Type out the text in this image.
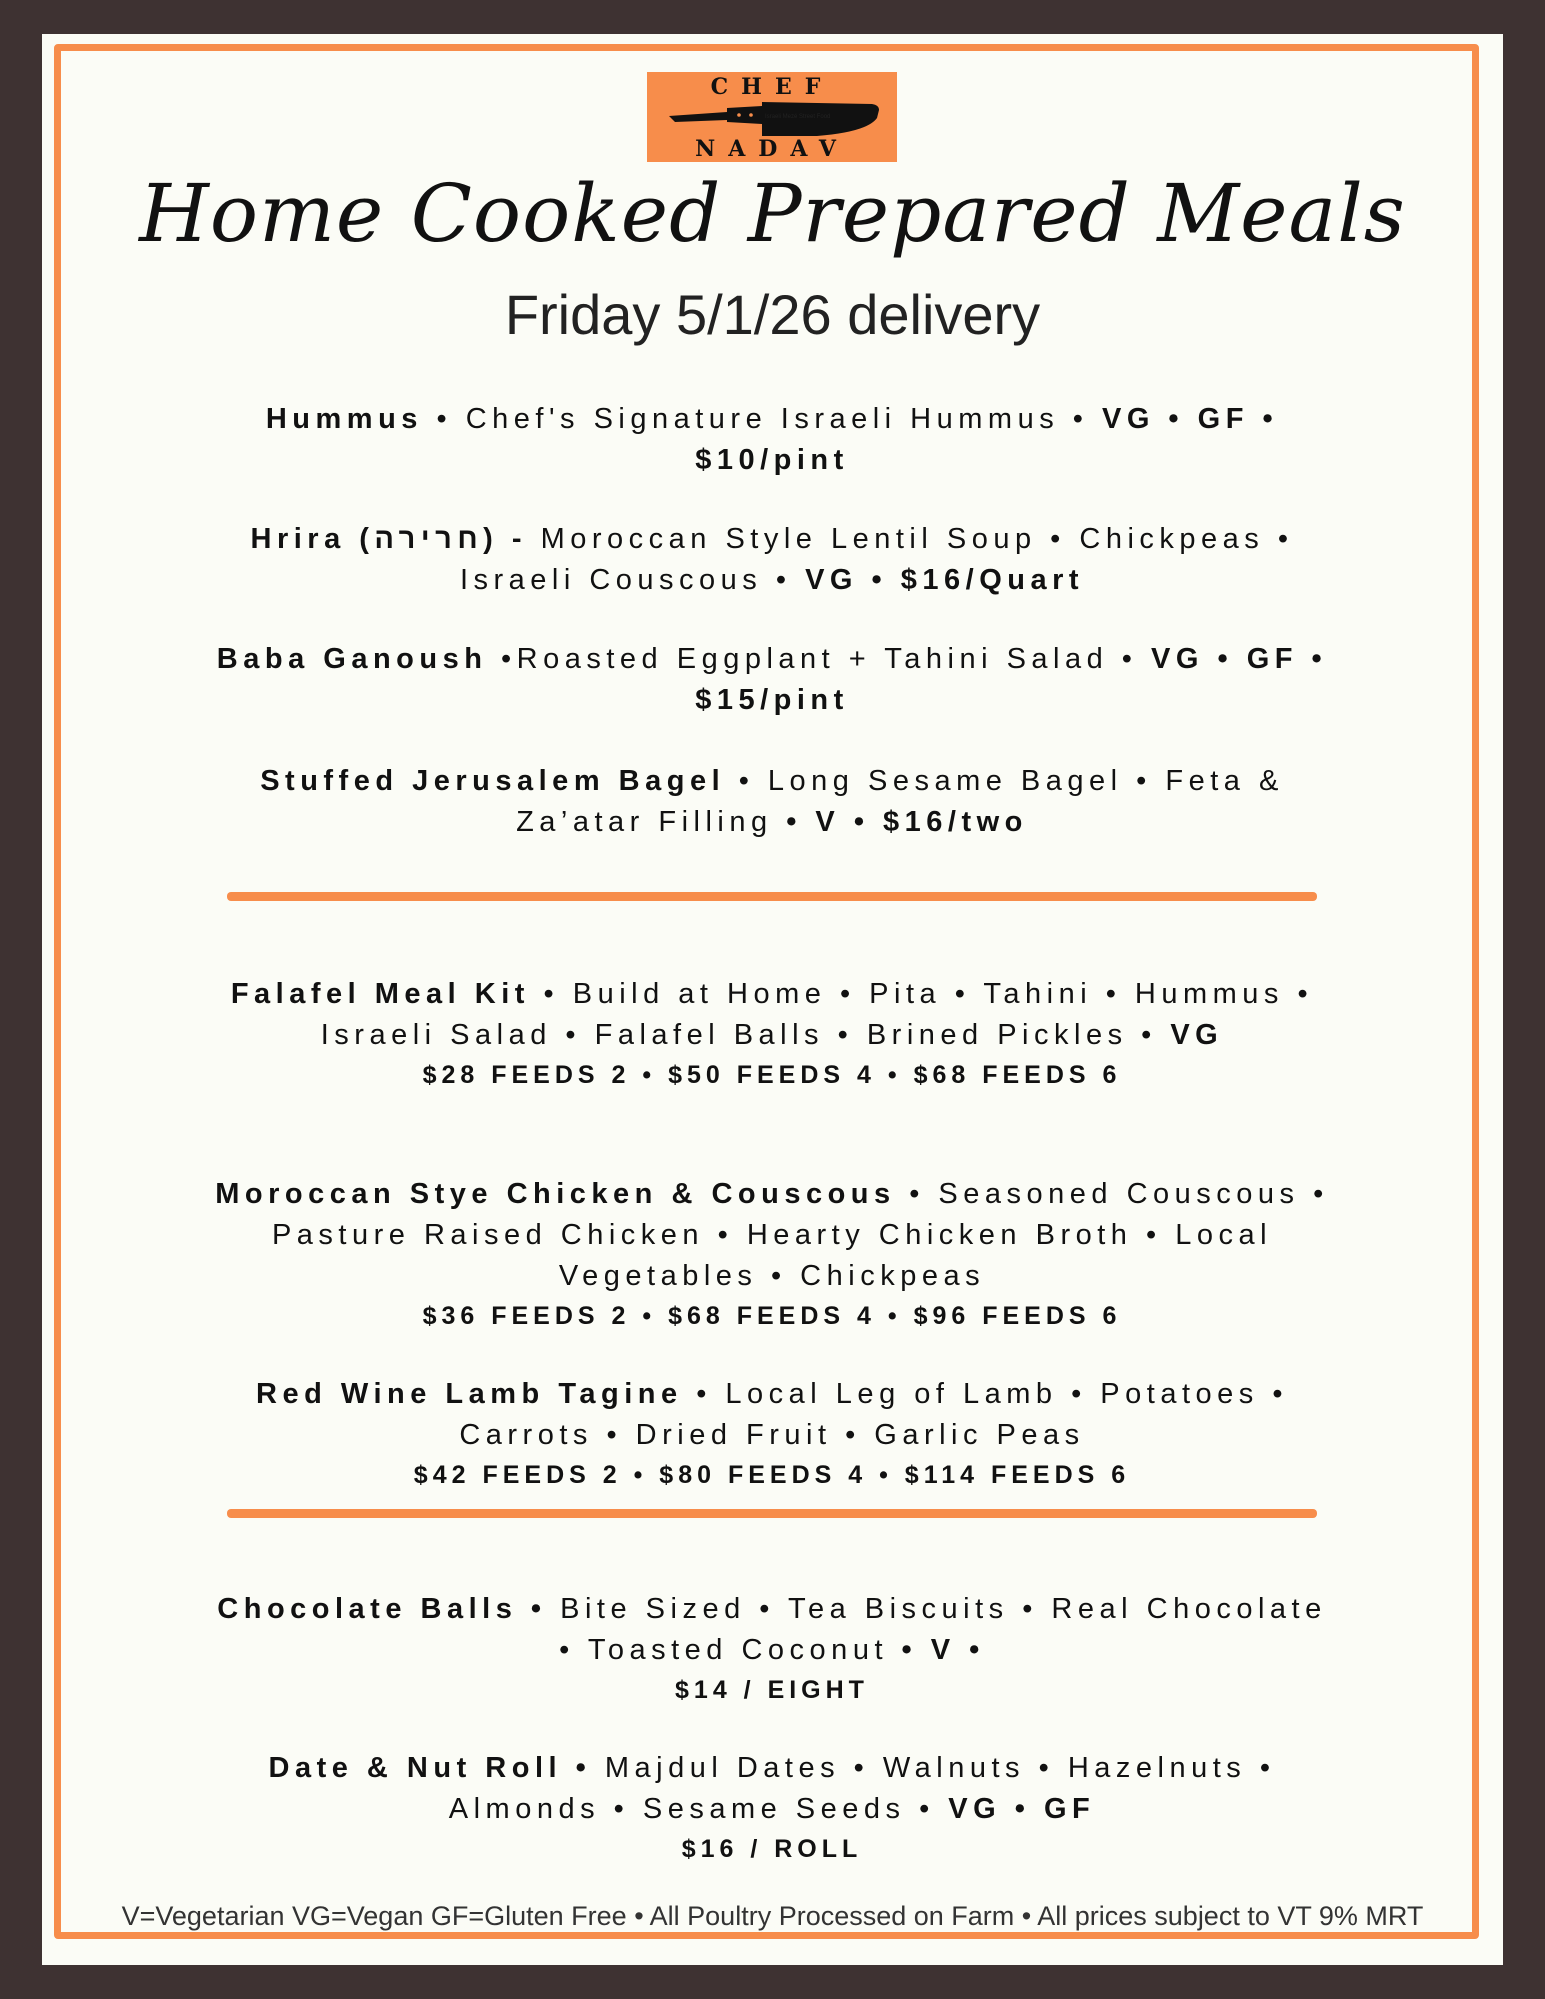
CHEF
Israeli Mezé Street Food
NADAV
Home Cooked Prepared Meals
Friday 5/1/26 delivery
Hummus • Chef's Signature Israeli Hummus • VG • GF • $10/pint
Hrira (חרירה) - Moroccan Style Lentil Soup • Chickpeas • Israeli Couscous • VG • $16/Quart
Baba Ganoush •Roasted Eggplant + Tahini Salad • VG • GF • $15/pint
Stuffed Jerusalem Bagel • Long Sesame Bagel • Feta & Za’atar Filling • V • $16/two
Falafel Meal Kit • Build at Home • Pita • Tahini • Hummus • Israeli Salad • Falafel Balls • Brined Pickles • VG
$28 FEEDS 2 • $50 FEEDS 4 • $68 FEEDS 6
Moroccan Stye Chicken & Couscous • Seasoned Couscous • Pasture Raised Chicken • Hearty Chicken Broth • Local Vegetables • Chickpeas
$36 FEEDS 2 • $68 FEEDS 4 • $96 FEEDS 6
Red Wine Lamb Tagine • Local Leg of Lamb • Potatoes • Carrots • Dried Fruit • Garlic Peas
$42 FEEDS 2 • $80 FEEDS 4 • $114 FEEDS 6
Chocolate Balls • Bite Sized • Tea Biscuits • Real Chocolate • Toasted Coconut • V •
$14 / EIGHT
Date & Nut Roll • Majdul Dates • Walnuts • Hazelnuts • Almonds • Sesame Seeds • VG • GF
$16 / ROLL
V=Vegetarian VG=Vegan GF=Gluten Free • All Poultry Processed on Farm • All prices subject to VT 9% MRT
